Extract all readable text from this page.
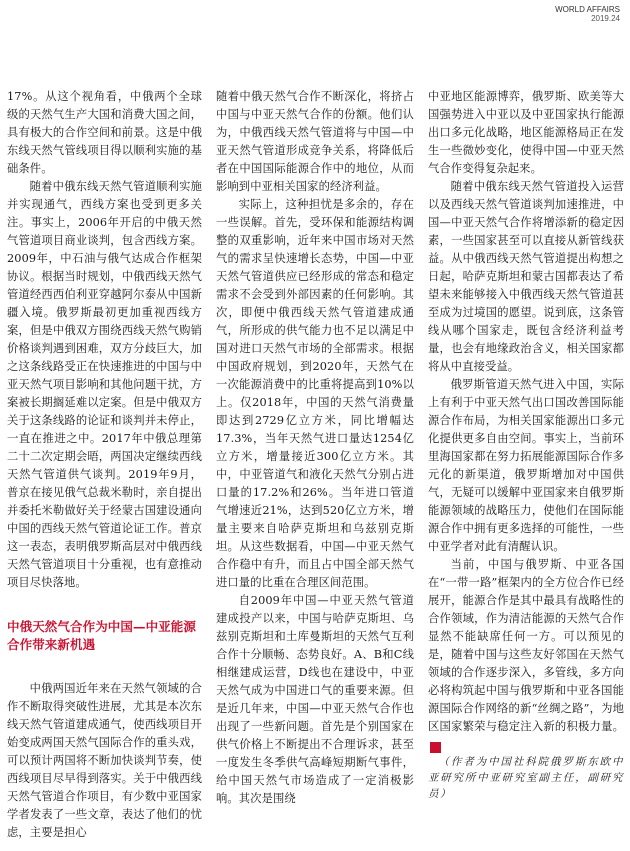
WORLD AFFAIRS
2019.24

17%。从这个视角看，中俄两个全球级的天然气生产大国和消费大国之间，具有极大的合作空间和前景。这是中俄东线天然气管线项目得以顺利实施的基础条件。

随着中俄东线天然气管道顺利实施并实现通气，西线方案也受到更多关注。事实上，2006年开启的中俄天然气管道项目商业谈判，包含西线方案。2009年，中石油与俄气达成合作框架协议。根据当时规划，中俄西线天然气管道经西西伯利亚穿越阿尔泰从中国新疆入境。俄罗斯最初更加重视西线方案，但是中俄双方围绕西线天然气购销价格谈判遇到困难，双方分歧巨大，加之这条线路受正在快速推进的中国与中亚天然气项目影响和其他问题干扰，方案被长期搁延难以定案。但是中俄双方关于这条线路的论证和谈判并未停止，一直在推进之中。2017年中俄总理第二十二次定期会晤，两国决定继续西线天然气管道供气谈判。2019年9月，普京在接见俄气总裁米勒时，亲自提出并委托米勒做好关于经蒙古国建设通向中国的西线天然气管道论证工作。普京这一表态，表明俄罗斯高层对中俄西线天然气管道项目十分重视，也有意推动项目尽快落地。

中俄天然气合作为中国—中亚能源合作带来新机遇

中俄两国近年来在天然气领域的合作不断取得突破性进展，尤其是本次东线天然气管道建成通气，使西线项目开始变成两国天然气国际合作的重头戏，可以预计两国将不断加快谈判节奏，使西线项目尽早得到落实。关于中俄西线天然气管道合作项目，有少数中亚国家学者发表了一些文章，表达了他们的忧虑，主要是担心

随着中俄天然气合作不断深化，将挤占中国与中亚天然气合作的份额。他们认为，中俄西线天然气管道将与中国—中亚天然气管道形成竞争关系，将降低后者在中国国际能源合作中的地位，从而影响到中亚相关国家的经济利益。

实际上，这种担忧是多余的，存在一些误解。首先，受环保和能源结构调整的双重影响，近年来中国市场对天然气的需求呈快速增长态势，中国—中亚天然气管道供应已经形成的常态和稳定需求不会受到外部因素的任何影响。其次，即便中俄西线天然气管道建成通气，所形成的供气能力也不足以满足中国对进口天然气市场的全部需求。根据中国政府规划，到2020年，天然气在一次能源消费中的比重将提高到10%以上。仅2018年，中国的天然气消费量即达到2729亿立方米，同比增幅达17.3%，当年天然气进口量达1254亿立方米，增量接近300亿立方米。其中，中亚管道气和液化天然气分别占进口量的17.2%和26%。当年进口管道气增速近21%，达到520亿立方米，增量主要来自哈萨克斯坦和乌兹别克斯坦。从这些数据看，中国—中亚天然气合作稳中有升，而且占中国全部天然气进口量的比重在合理区间范围。

自2009年中国—中亚天然气管道建成投产以来，中国与哈萨克斯坦、乌兹别克斯坦和土库曼斯坦的天然气互利合作十分顺畅、态势良好。A、B和C线相继建成运营，D线也在建设中，中亚天然气成为中国进口气的重要来源。但是近几年来，中国—中亚天然气合作也出现了一些新问题。首先是个别国家在供气价格上不断提出不合理诉求，甚至一度发生冬季供气高峰短期断气事件，给中国天然气市场造成了一定消极影响。其次是围绕

中亚地区能源博弈，俄罗斯、欧美等大国强势进入中亚以及中亚国家执行能源出口多元化战略，地区能源格局正在发生一些微妙变化，使得中国—中亚天然气合作变得复杂起来。

随着中俄东线天然气管道投入运营以及西线天然气管道谈判加速推进，中国—中亚天然气合作将增添新的稳定因素，一些国家甚至可以直接从新管线获益。从中俄西线天然气管道提出构想之日起，哈萨克斯坦和蒙古国都表达了希望未来能够接入中俄西线天然气管道甚至成为过境国的愿望。说到底，这条管线从哪个国家走，既包含经济利益考量，也会有地缘政治含义，相关国家都将从中直接受益。

俄罗斯管道天然气进入中国，实际上有利于中亚天然气出口国改善国际能源合作布局，为相关国家能源出口多元化提供更多自由空间。事实上，当前环里海国家都在努力拓展能源国际合作多元化的新渠道，俄罗斯增加对中国供气，无疑可以缓解中亚国家来自俄罗斯能源领域的战略压力，使他们在国际能源合作中拥有更多选择的可能性，一些中亚学者对此有清醒认识。

当前，中国与俄罗斯、中亚各国在“一带一路”框架内的全方位合作已经展开，能源合作是其中最具有战略性的合作领域，作为清洁能源的天然气合作显然不能缺席任何一方。可以预见的是，随着中国与这些友好邻国在天然气领域的合作逐步深入，多管线，多方向必将构筑起中国与俄罗斯和中亚各国能源国际合作网络的新“丝绸之路”，为地区国家繁荣与稳定注入新的积极力量。W

（作者为中国社科院俄罗斯东欧中亚研究所中亚研究室副主任，副研究员）
